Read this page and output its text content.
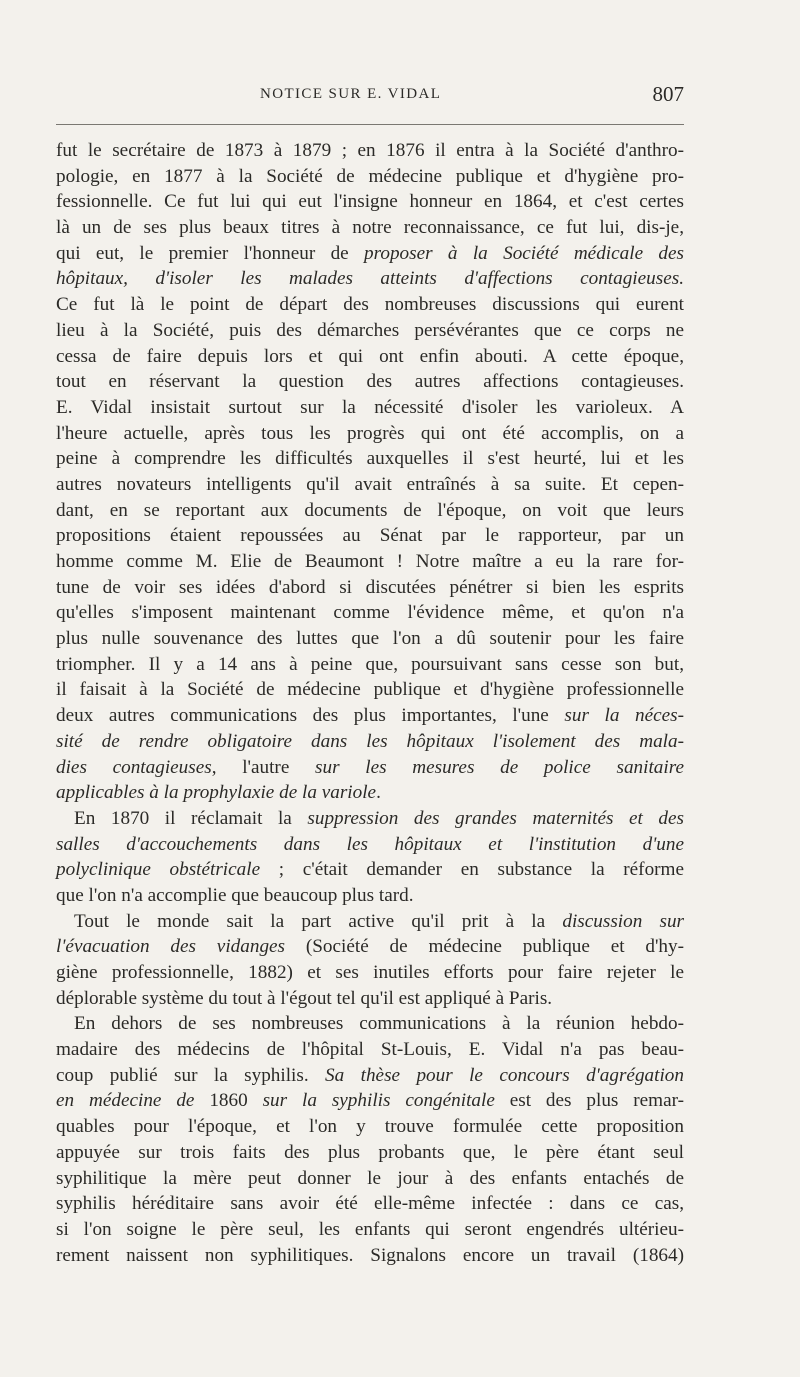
NOTICE SUR E. VIDAL	807
fut le secrétaire de 1873 à 1879 ; en 1876 il entra à la Société d'anthro-
pologie, en 1877 à la Société de médecine publique et d'hygiène pro-
fessionnelle. Ce fut lui qui eut l'insigne honneur en 1864, et c'est certes
là un de ses plus beaux titres à notre reconnaissance, ce fut lui, dis-je,
qui eut, le premier l'honneur de proposer à la Société médicale des
hôpitaux, d'isoler les malades atteints d'affections contagieuses.
Ce fut là le point de départ des nombreuses discussions qui eurent
lieu à la Société, puis des démarches persévérantes que ce corps ne
cessa de faire depuis lors et qui ont enfin abouti. A cette époque,
tout en réservant la question des autres affections contagieuses.
E. Vidal insistait surtout sur la nécessité d'isoler les varioleux. A
l'heure actuelle, après tous les progrès qui ont été accomplis, on a
peine à comprendre les difficultés auxquelles il s'est heurté, lui et les
autres novateurs intelligents qu'il avait entraînés à sa suite. Et cepen-
dant, en se reportant aux documents de l'époque, on voit que leurs
propositions étaient repoussées au Sénat par le rapporteur, par un
homme comme M. Elie de Beaumont ! Notre maître a eu la rare for-
tune de voir ses idées d'abord si discutées pénétrer si bien les esprits
qu'elles s'imposent maintenant comme l'évidence même, et qu'on n'a
plus nulle souvenance des luttes que l'on a dû soutenir pour les faire
triompher. Il y a 14 ans à peine que, poursuivant sans cesse son but,
il faisait à la Société de médecine publique et d'hygiène professionnelle
deux autres communications des plus importantes, l'une sur la néces-
sité de rendre obligatoire dans les hôpitaux l'isolement des mala-
dies contagieuses, l'autre sur les mesures de police sanitaire
applicables à la prophylaxie de la variole.
En 1870 il réclamait la suppression des grandes maternités et des
salles d'accouchements dans les hôpitaux et l'institution d'une
polyclinique obstétricale ; c'était demander en substance la réforme
que l'on n'a accomplie que beaucoup plus tard.
Tout le monde sait la part active qu'il prit à la discussion sur
l'évacuation des vidanges (Société de médecine publique et d'hy-
giène professionnelle, 1882) et ses inutiles efforts pour faire rejeter le
déplorable système du tout à l'égout tel qu'il est appliqué à Paris.
En dehors de ses nombreuses communications à la réunion hebdo-
madaire des médecins de l'hôpital St-Louis, E. Vidal n'a pas beau-
coup publié sur la syphilis. Sa thèse pour le concours d'agrégation
en médecine de 1860 sur la syphilis congénitale est des plus remar-
quables pour l'époque, et l'on y trouve formulée cette proposition
appuyée sur trois faits des plus probants que, le père étant seul
syphilitique la mère peut donner le jour à des enfants entachés de
syphilis héréditaire sans avoir été elle-même infectée : dans ce cas,
si l'on soigne le père seul, les enfants qui seront engendrés ultérieu-
rement naissent non syphilitiques. Signalons encore un travail (1864)
